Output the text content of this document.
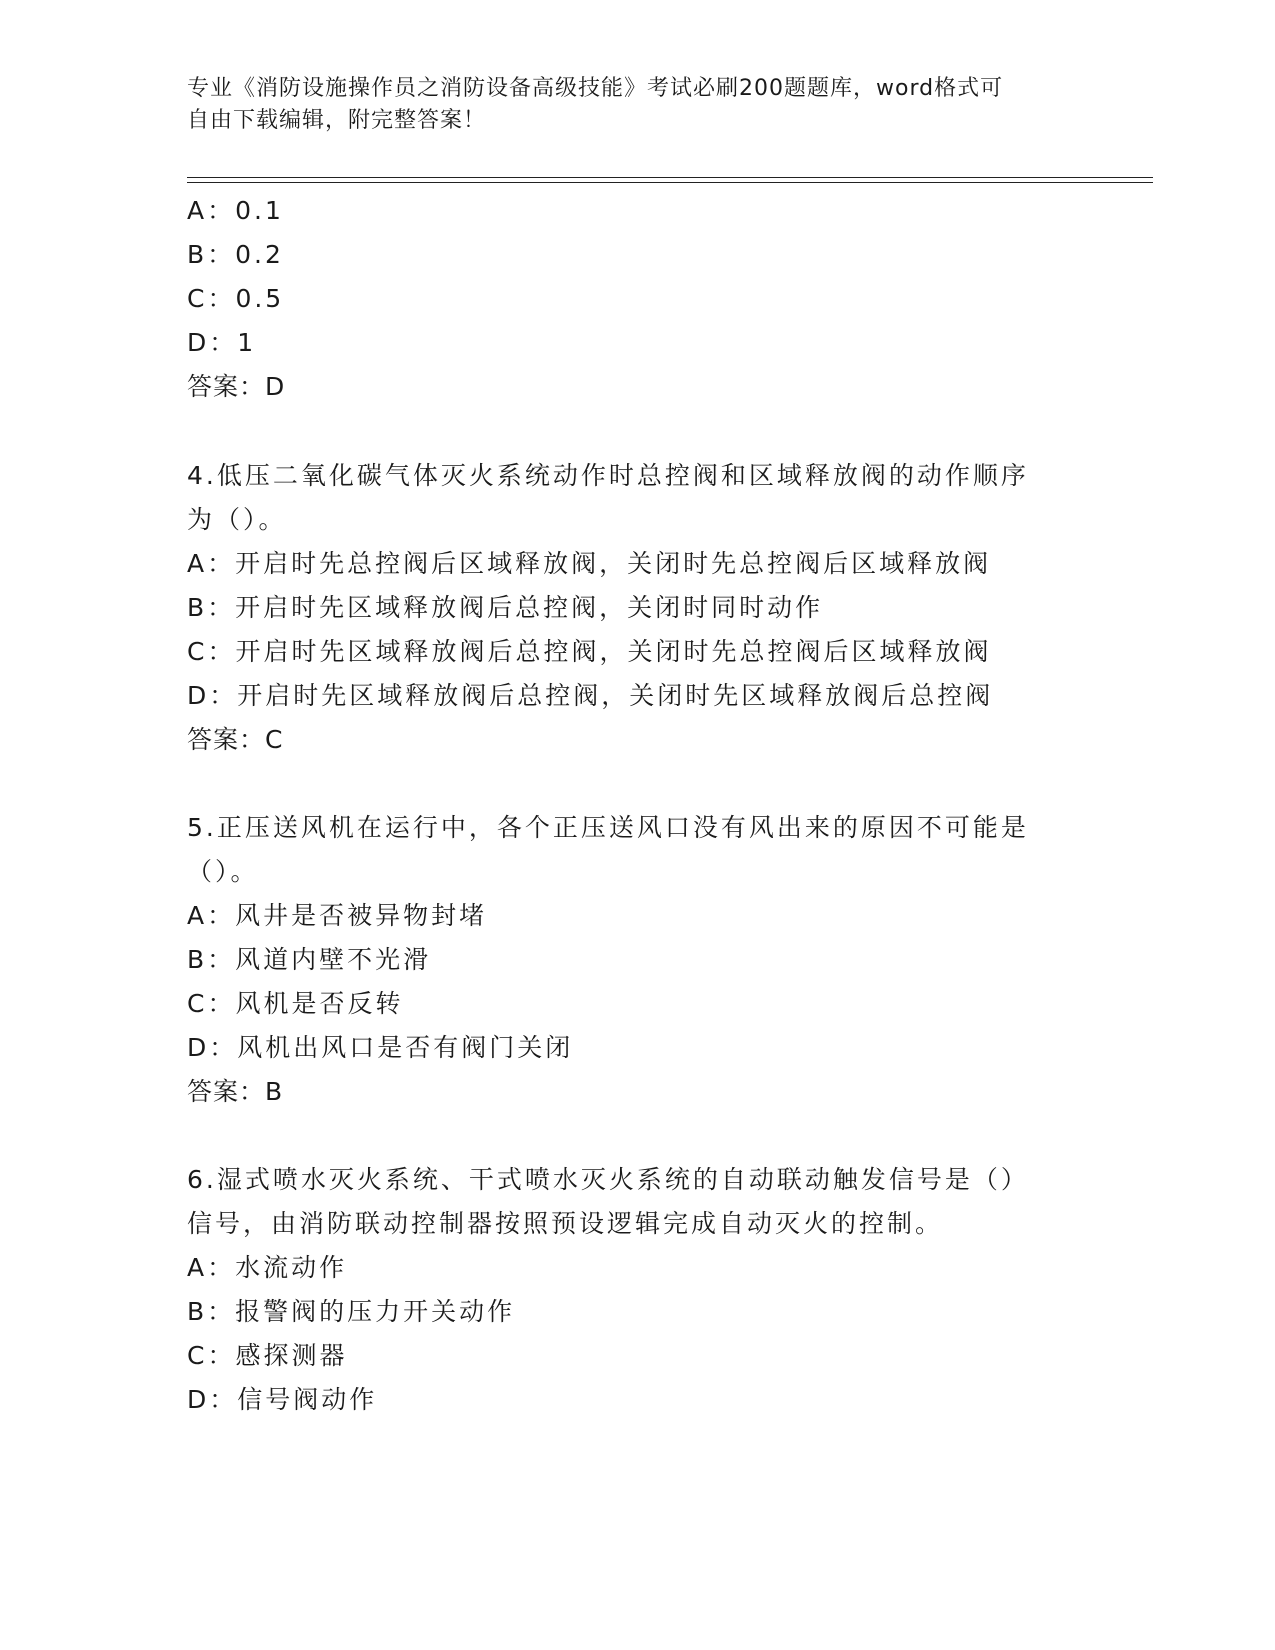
专业《消防设施操作员之消防设备高级技能》考试必刷200题题库，word格式可
自由下载编辑，附完整答案！
A：0.1
B：0.2
C：0.5
D：1
答案：D
4.低压二氧化碳气体灭火系统动作时总控阀和区域释放阀的动作顺序
为（）。
A：开启时先总控阀后区域释放阀，关闭时先总控阀后区域释放阀
B：开启时先区域释放阀后总控阀，关闭时同时动作
C：开启时先区域释放阀后总控阀，关闭时先总控阀后区域释放阀
D：开启时先区域释放阀后总控阀，关闭时先区域释放阀后总控阀
答案：C
5.正压送风机在运行中，各个正压送风口没有风出来的原因不可能是
（）。
A：风井是否被异物封堵
B：风道内壁不光滑
C：风机是否反转
D：风机出风口是否有阀门关闭
答案：B
6.湿式喷水灭火系统、干式喷水灭火系统的自动联动触发信号是（）
信号，由消防联动控制器按照预设逻辑完成自动灭火的控制。
A：水流动作
B：报警阀的压力开关动作
C：感探测器
D：信号阀动作
